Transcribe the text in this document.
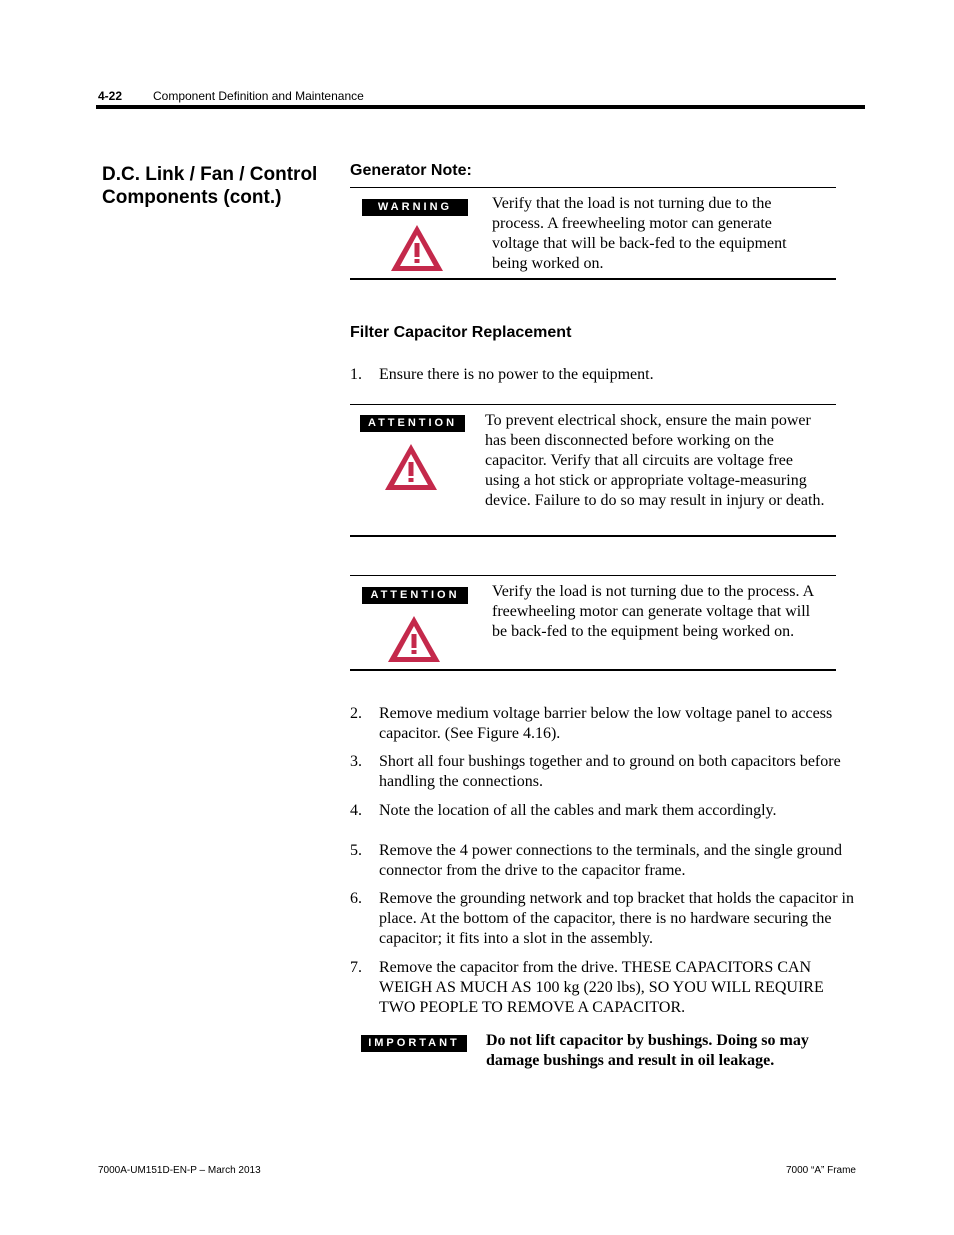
4-22	Component Definition and Maintenance
D.C. Link / Fan / Control
Components (cont.)
Generator Note:
WARNING	Verify that the load is not turning due to the process. A freewheeling motor can generate voltage that will be back-fed to the equipment being worked on.
Filter Capacitor Replacement
1. Ensure there is no power to the equipment.
ATTENTION	To prevent electrical shock, ensure the main power has been disconnected before working on the capacitor. Verify that all circuits are voltage free using a hot stick or appropriate voltage-measuring device. Failure to do so may result in injury or death.
ATTENTION	Verify the load is not turning due to the process. A freewheeling motor can generate voltage that will be back-fed to the equipment being worked on.
2. Remove medium voltage barrier below the low voltage panel to access capacitor. (See Figure 4.16).
3. Short all four bushings together and to ground on both capacitors before handling the connections.
4. Note the location of all the cables and mark them accordingly.
5. Remove the 4 power connections to the terminals, and the single ground connector from the drive to the capacitor frame.
6. Remove the grounding network and top bracket that holds the capacitor in place. At the bottom of the capacitor, there is no hardware securing the capacitor; it fits into a slot in the assembly.
7. Remove the capacitor from the drive. THESE CAPACITORS CAN WEIGH AS MUCH AS 100 kg (220 lbs), SO YOU WILL REQUIRE TWO PEOPLE TO REMOVE A CAPACITOR.
IMPORTANT	Do not lift capacitor by bushings. Doing so may damage bushings and result in oil leakage.
7000A-UM151D-EN-P – March 2013	7000 “A” Frame
